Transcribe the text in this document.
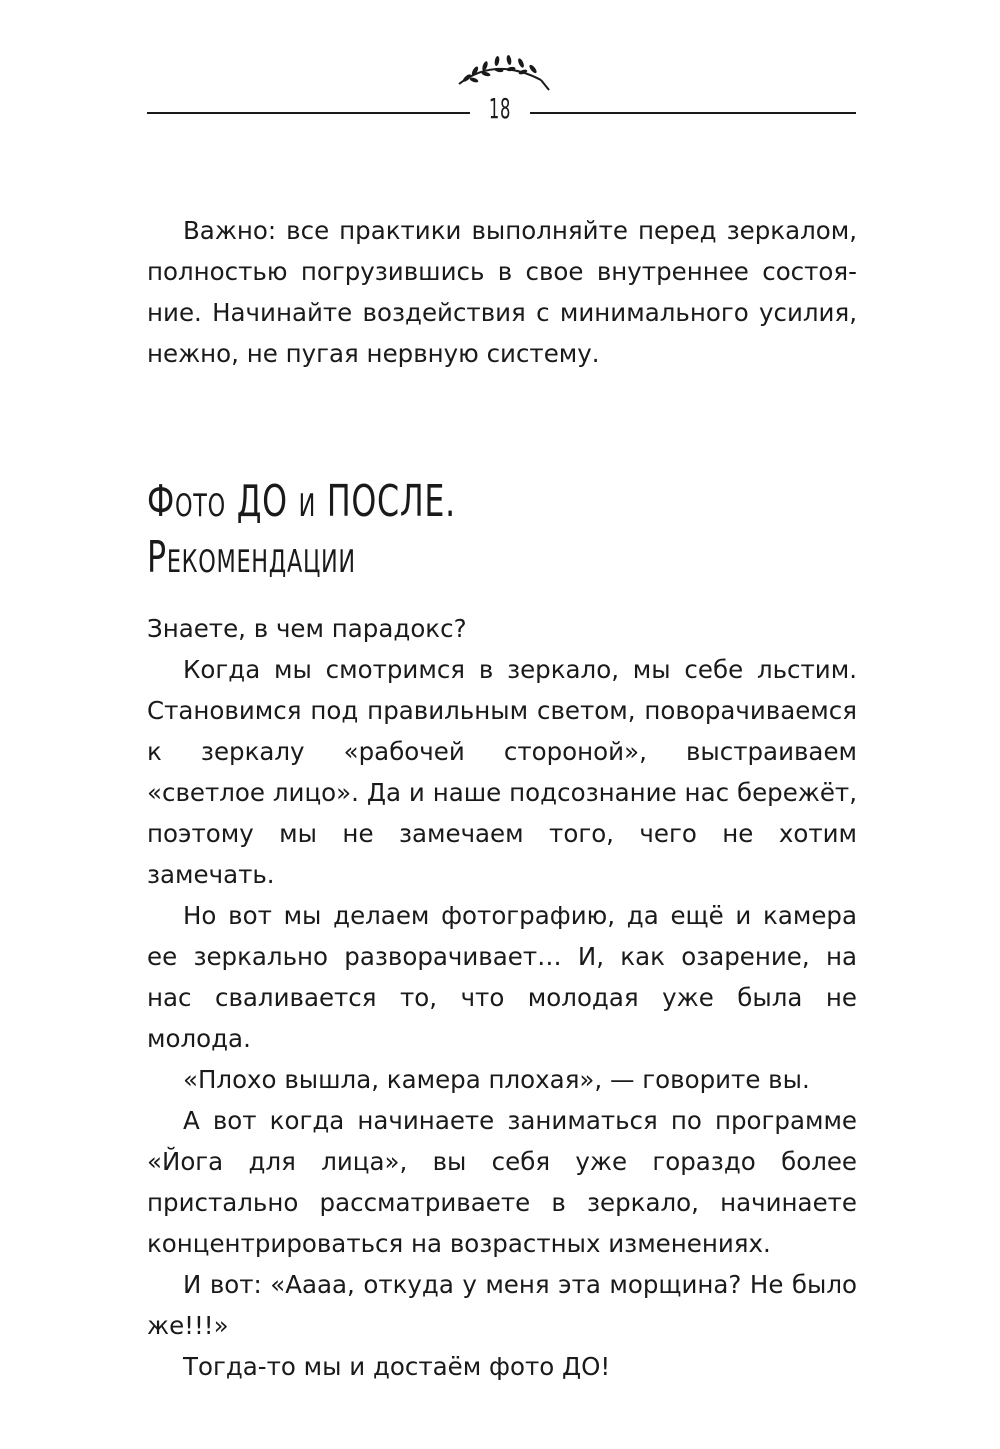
18

Важно: все практики выполняйте перед зеркалом, полностью погрузившись в свое внутреннее состояние. Начинайте воздействия с минимального усилия, нежно, не пугая нервную систему.

Фото ДО и ПОСЛЕ.
Рекомендации

Знаете, в чем парадокс?

Когда мы смотримся в зеркало, мы себе льстим. Становимся под правильным светом, поворачиваемся к зеркалу «рабочей стороной», выстраиваем «светлое лицо». Да и наше подсознание нас бережёт, поэтому мы не замечаем того, чего не хотим замечать.

Но вот мы делаем фотографию, да ещё и камера ее зеркально разворачивает… И, как озарение, на нас сваливается то, что молодая уже была не молода.

«Плохо вышла, камера плохая», — говорите вы.

А вот когда начинаете заниматься по программе «Йога для лица», вы себя уже гораздо более пристально рассматриваете в зеркало, начинаете концентрироваться на возрастных изменениях.

И вот: «Аааа, откуда у меня эта морщина? Не было же!!!»

Тогда-то мы и достаём фото ДО!
